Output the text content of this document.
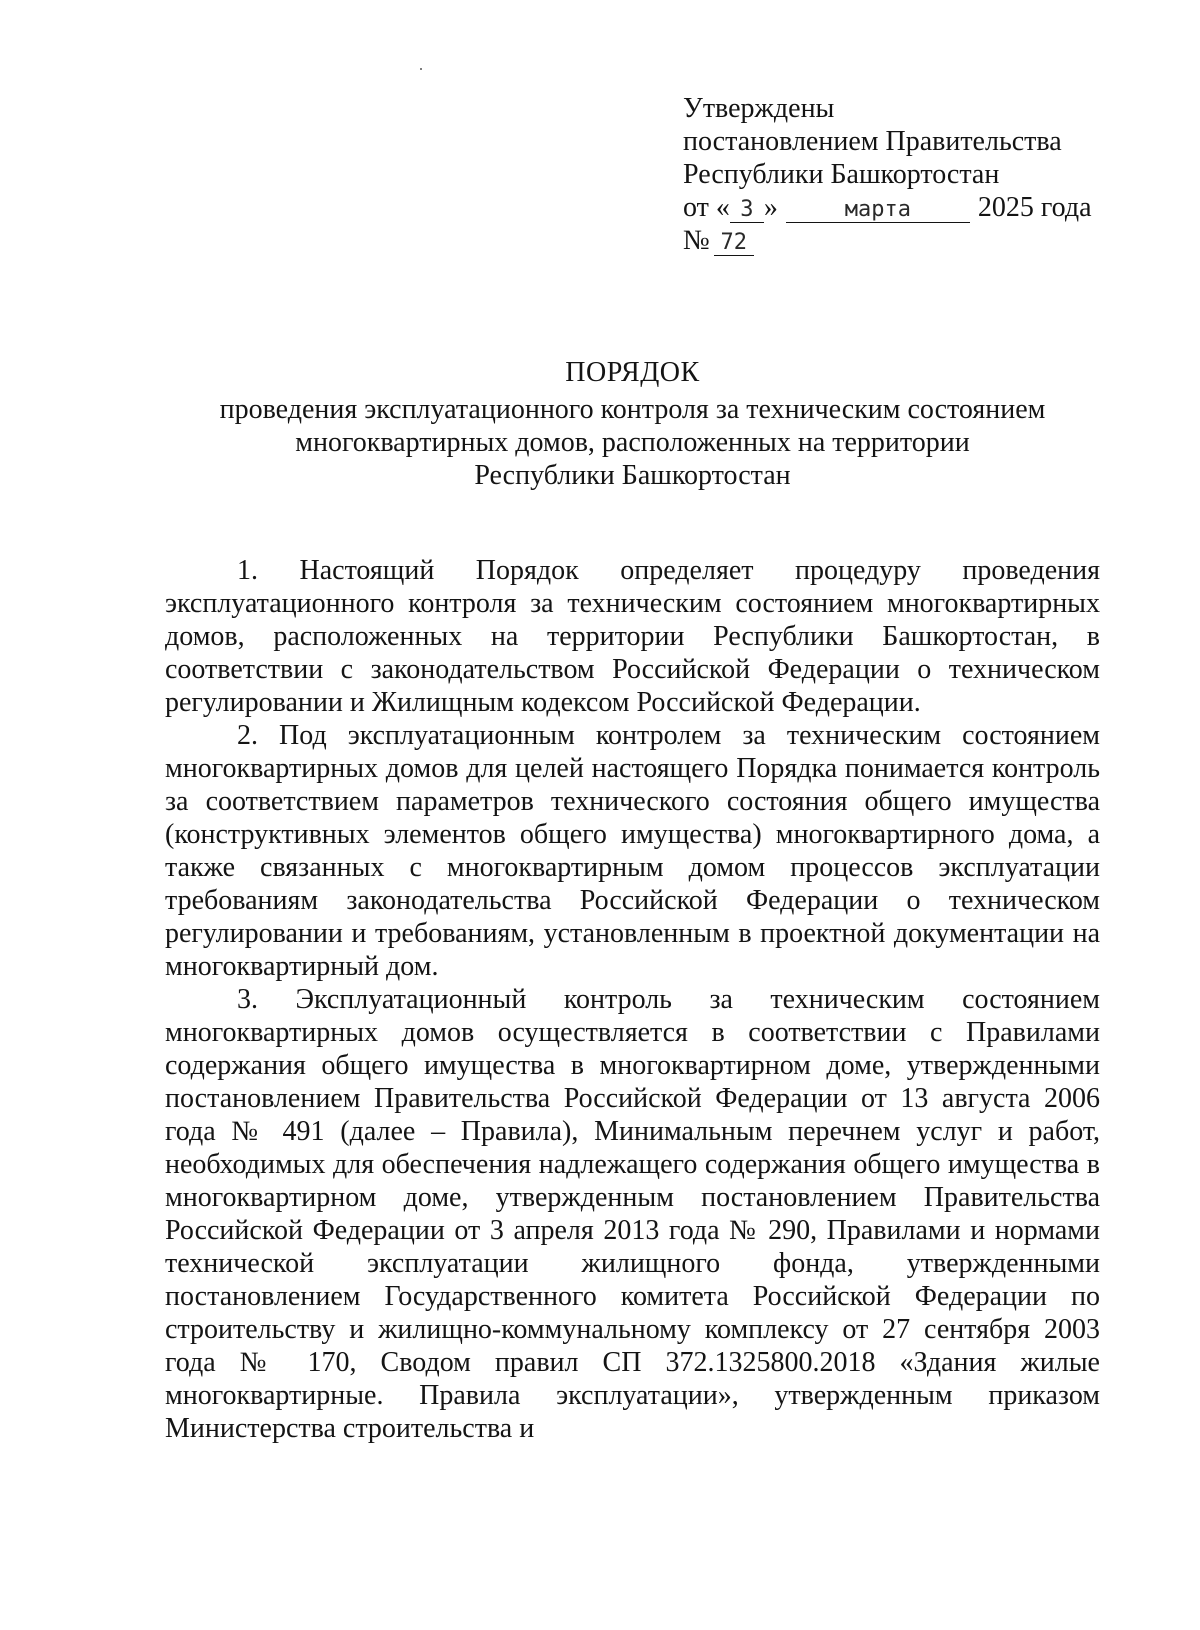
Утверждены
постановлением Правительства
Республики Башкортостан
от « 3 »	марта 2025 года
№ 72
ПОРЯДОК
проведения эксплуатационного контроля за техническим состоянием
многоквартирных домов, расположенных на территории
Республики Башкортостан

1. Настоящий Порядок определяет процедуру проведения эксплуатационного контроля за техническим состоянием многоквартирных домов, расположенных на территории Республики Башкортостан, в соответствии с законодательством Российской Федерации о техническом регулировании и Жилищным кодексом Российской Федерации.

2. Под эксплуатационным контролем за техническим состоянием многоквартирных домов для целей настоящего Порядка понимается контроль за соответствием параметров технического состояния общего имущества (конструктивных элементов общего имущества) многоквартирного дома, а также связанных с многоквартирным домом процессов эксплуатации требованиям законодательства Российской Федерации о техническом регулировании и требованиям, установленным в проектной документации на многоквартирный дом.

3. Эксплуатационный контроль за техническим состоянием многоквартирных домов осуществляется в соответствии с Правилами содержания общего имущества в многоквартирном доме, утвержденными постановлением Правительства Российской Федерации от 13 августа 2006 года № 491 (далее – Правила), Минимальным перечнем услуг и работ, необходимых для обеспечения надлежащего содержания общего имущества в многоквартирном доме, утвержденным постановлением Правительства Российской Федерации от 3 апреля 2013 года № 290, Правилами и нормами технической эксплуатации жилищного фонда, утвержденными постановлением Государственного комитета Российской Федерации по строительству и жилищно-коммунальному комплексу от 27 сентября 2003 года № 170, Сводом правил СП 372.1325800.2018 «Здания жилые многоквартирные. Правила эксплуатации», утвержденным приказом Министерства строительства и
